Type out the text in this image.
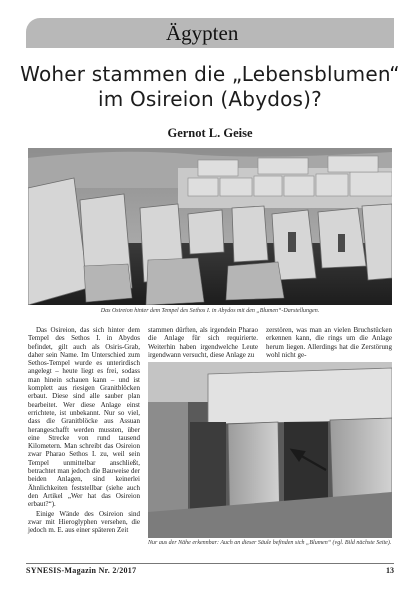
Ägypten
Woher stammen die „Lebensblumen“
im Osireion (Abydos)?
Gernot L. Geise
Das Osireion hinter dem Tempel des Sethos I. in Abydos mit den „Blumen“-Darstellungen.

Das Osireion, das sich hinter dem Tempel des Sethos I. in Abydos befindet, gilt auch als Osiris-Grab, daher sein Name. Im Unterschied zum Sethos-Tempel wurde es unterirdisch angelegt – heute liegt es frei, sodass man hinein schauen kann – und ist komplett aus riesigen Granitblöcken erbaut. Diese sind alle sauber plan bearbeitet. Wer diese Anlage einst errichtete, ist unbekannt. Nur so viel, dass die Granitblöcke aus Assuan herangeschafft werden mussten, über eine Strecke von rund tausend Kilometern. Man schreibt das Osireion zwar Pharao Sethos I. zu, weil sein Tempel unmittelbar anschließt, betrachtet man jedoch die Bauweise der beiden Anlagen, sind keinerlei Ähnlichkeiten feststellbar (siehe auch den Artikel „Wer hat das Osireion erbaut?“).

Einige Wände des Osireion sind zwar mit Hieroglyphen versehen, die jedoch m. E. aus einer späteren Zeit

stammen dürften, als irgendein Pharao die Anlage für sich requirierte. Weiterhin haben irgendwelche Leute irgendwann versucht, diese Anlage zu

zerstören, was man an vielen Bruchstücken erkennen kann, die rings um die Anlage herum liegen. Allerdings hat die Zerstörung wohl nicht ge-

Nur aus der Nähe erkennbar: Auch an dieser Säule befinden sich „Blumen“ (vgl. Bild nächste Seite).
SYNESIS-Magazin Nr. 2/2017	13
